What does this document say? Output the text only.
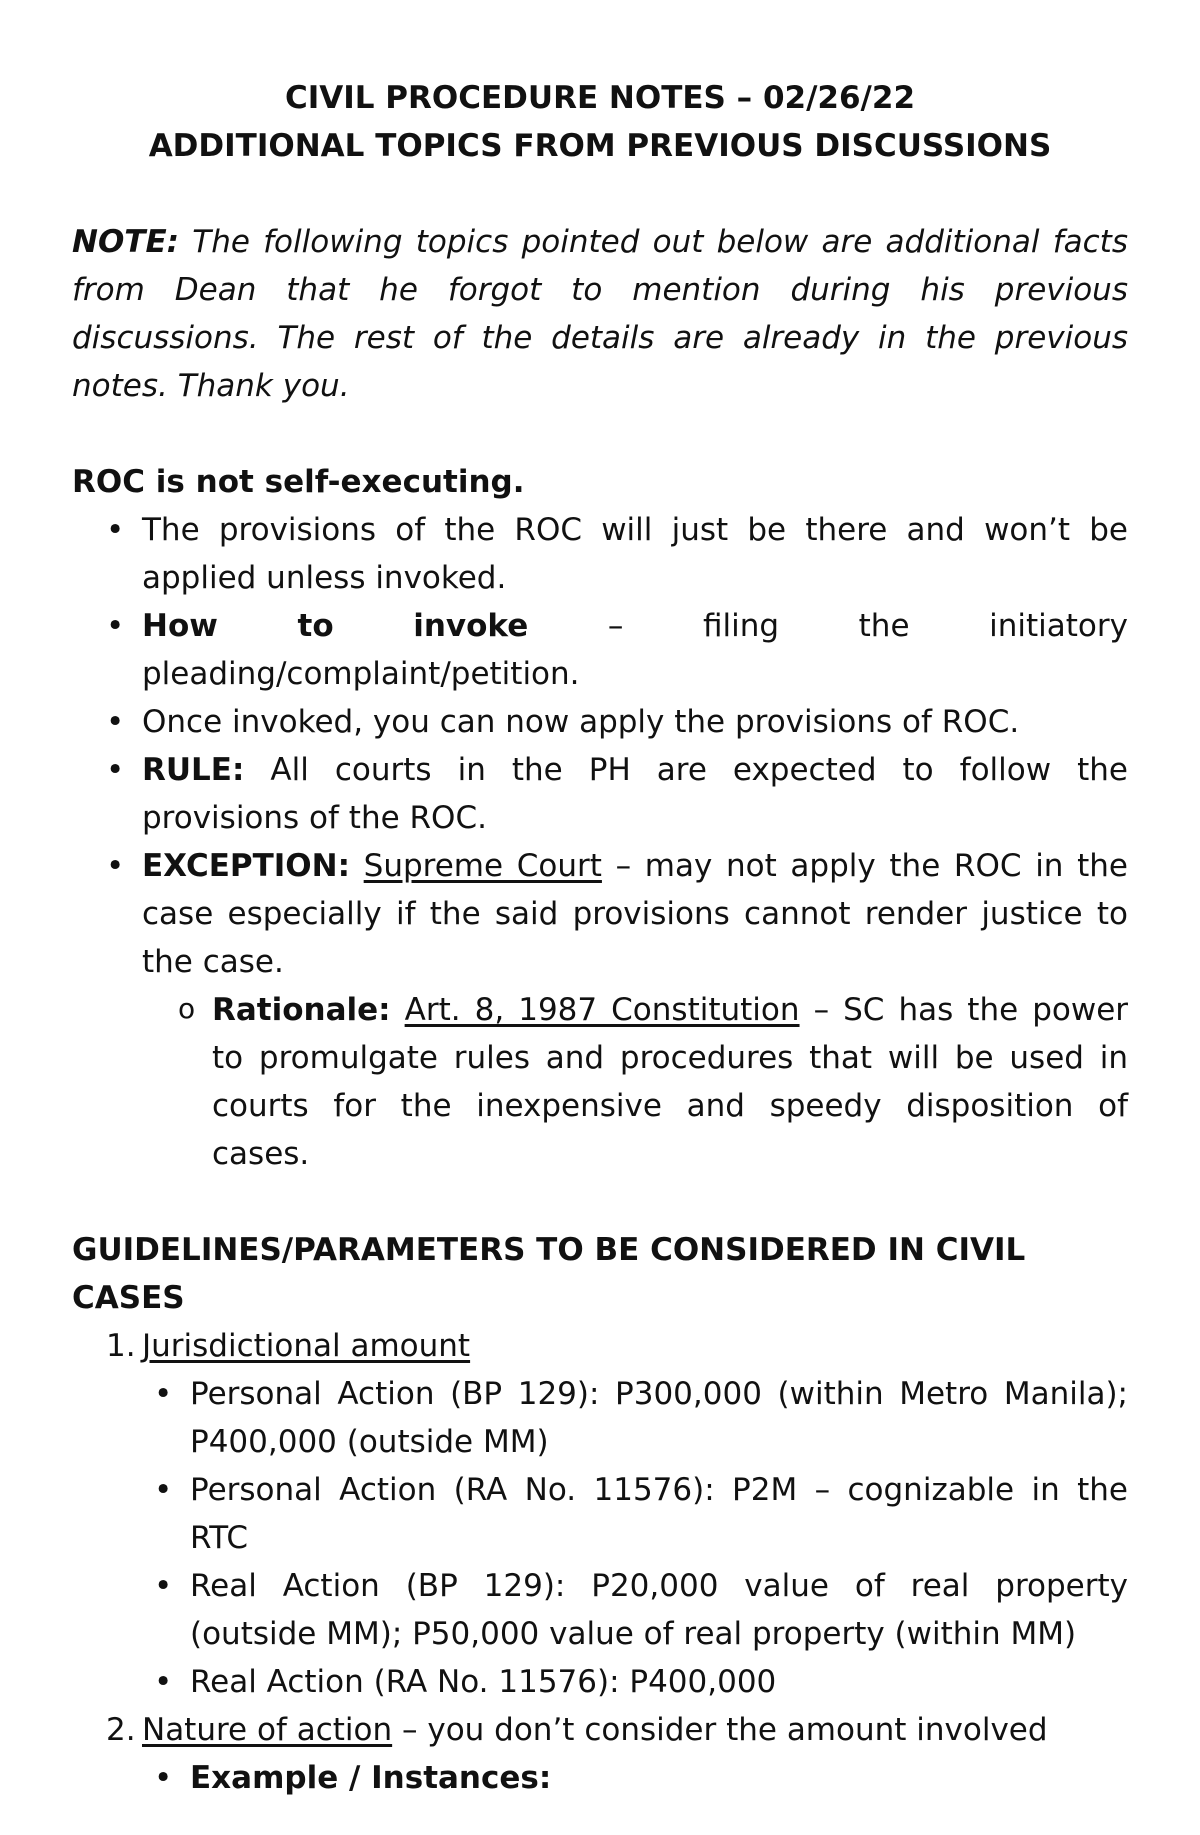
CIVIL PROCEDURE NOTES – 02/26/22

ADDITIONAL TOPICS FROM PREVIOUS DISCUSSIONS

NOTE: The following topics pointed out below are additional facts from Dean that he forgot to mention during his previous discussions. The rest of the details are already in the previous notes. Thank you.

ROC is not self-executing.

• The provisions of the ROC will just be there and won’t be applied unless invoked.
• How	to	invoke	–	filing	the	initiatory
pleading/complaint/petition.
• Once invoked, you can now apply the provisions of ROC.
• RULE: All courts in the PH are expected to follow the provisions of the ROC.
• EXCEPTION: Supreme Court – may not apply the ROC in the case especially if the said provisions cannot render justice to the case.
o Rationale: Art. 8, 1987 Constitution – SC has the power to promulgate rules and procedures that will be used in courts for the inexpensive and speedy disposition of cases.

GUIDELINES/PARAMETERS TO BE CONSIDERED IN CIVIL CASES

1. Jurisdictional amount
• Personal Action (BP 129): P300,000 (within Metro Manila); P400,000 (outside MM)
• Personal Action (RA No. 11576): P2M – cognizable in the RTC
• Real Action (BP 129): P20,000 value of real property (outside MM); P50,000 value of real property (within MM)
• Real Action (RA No. 11576): P400,000
2. Nature of action – you don’t consider the amount involved
• Example / Instances:
